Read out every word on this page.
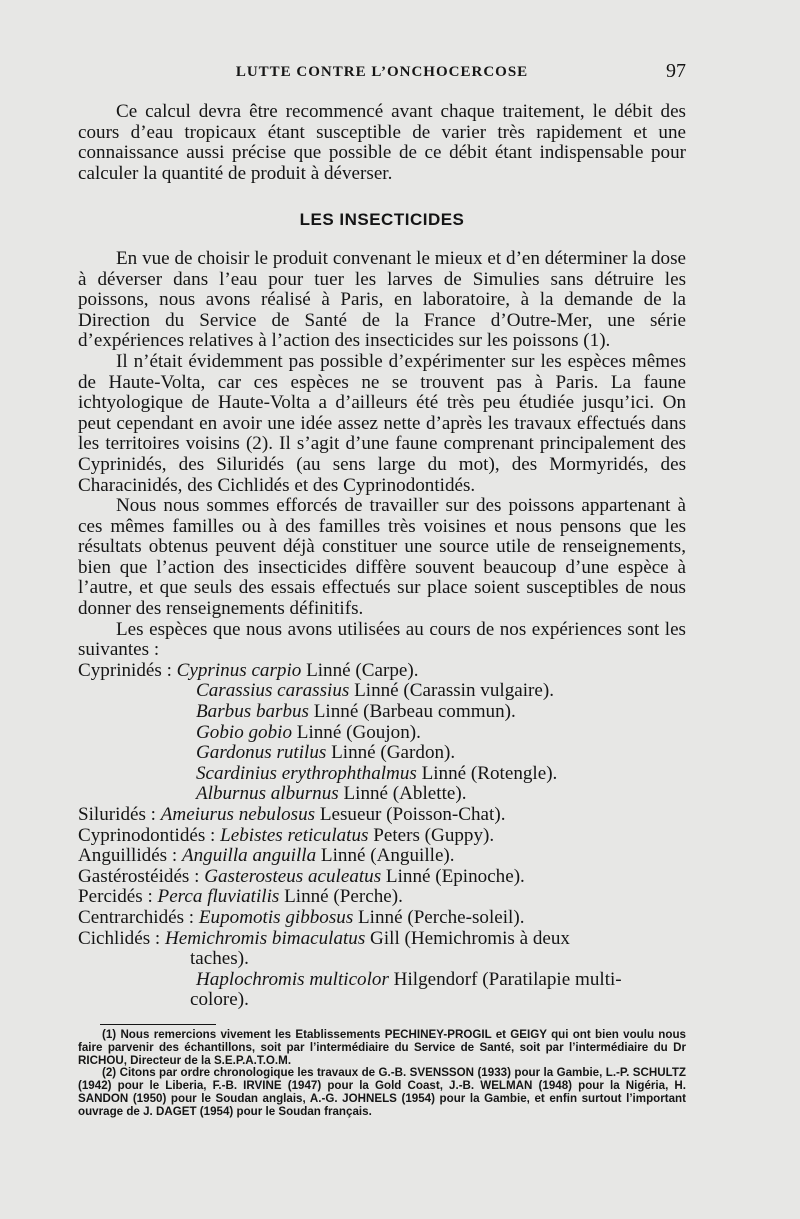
LUTTE CONTRE L’ONCHOCERCOSE	97

Ce calcul devra être recommencé avant chaque traitement, le débit des cours d’eau tropicaux étant susceptible de varier très rapidement et une connaissance aussi précise que possible de ce débit étant indispensable pour calculer la quantité de produit à déverser.

LES INSECTICIDES

En vue de choisir le produit convenant le mieux et d’en déterminer la dose à déverser dans l’eau pour tuer les larves de Simulies sans détruire les poissons, nous avons réalisé à Paris, en laboratoire, à la demande de la Direction du Service de Santé de la France d’Outre-Mer, une série d’expériences relatives à l’action des insecticides sur les poissons (1).

Il n’était évidemment pas possible d’expérimenter sur les espèces mêmes de Haute-Volta, car ces espèces ne se trouvent pas à Paris. La faune ichtyologique de Haute-Volta a d’ailleurs été très peu étudiée jusqu’ici. On peut cependant en avoir une idée assez nette d’après les travaux effectués dans les territoires voisins (2). Il s’agit d’une faune comprenant principalement des Cyprinidés, des Siluridés (au sens large du mot), des Mormyridés, des Characinidés, des Cichlidés et des Cyprinodontidés.

Nous nous sommes efforcés de travailler sur des poissons appartenant à ces mêmes familles ou à des familles très voisines et nous pensons que les résultats obtenus peuvent déjà constituer une source utile de renseignements, bien que l’action des insecticides diffère souvent beaucoup d’une espèce à l’autre, et que seuls des essais effectués sur place soient susceptibles de nous donner des renseignements définitifs.

Les espèces que nous avons utilisées au cours de nos expériences sont les suivantes :

Cyprinidés : Cyprinus carpio Linné (Carpe).
Carassius carassius Linné (Carassin vulgaire).
Barbus barbus Linné (Barbeau commun).
Gobio gobio Linné (Goujon).
Gardonus rutilus Linné (Gardon).
Scardinius erythrophthalmus Linné (Rotengle).
Alburnus alburnus Linné (Ablette).
Siluridés : Ameiurus nebulosus Lesueur (Poisson-Chat).
Cyprinodontidés : Lebistes reticulatus Peters (Guppy).
Anguillidés : Anguilla anguilla Linné (Anguille).
Gastérostéidés : Gasterosteus aculeatus Linné (Epinoche).
Percidés : Perca fluviatilis Linné (Perche).
Centrarchidés : Eupomotis gibbosus Linné (Perche-soleil).
Cichlidés : Hemichromis bimaculatus Gill (Hemichromis à deux
taches).
Haplochromis multicolor Hilgendorf (Paratilapie multi-
colore).

(1) Nous remercions vivement les Etablissements PECHINEY-PROGIL et GEIGY qui ont bien voulu nous faire parvenir des échantillons, soit par l’intermédiaire du Service de Santé, soit par l’intermédiaire du Dr RICHOU, Directeur de la S.E.P.A.T.O.M.

(2) Citons par ordre chronologique les travaux de G.-B. SVENSSON (1933) pour la Gambie, L.-P. SCHULTZ (1942) pour le Liberia, F.-B. IRVINE (1947) pour la Gold Coast, J.-B. WELMAN (1948) pour la Nigéria, H. SANDON (1950) pour le Soudan anglais, A.-G. JOHNELS (1954) pour la Gambie, et enfin surtout l’important ouvrage de J. DAGET (1954) pour le Soudan français.
